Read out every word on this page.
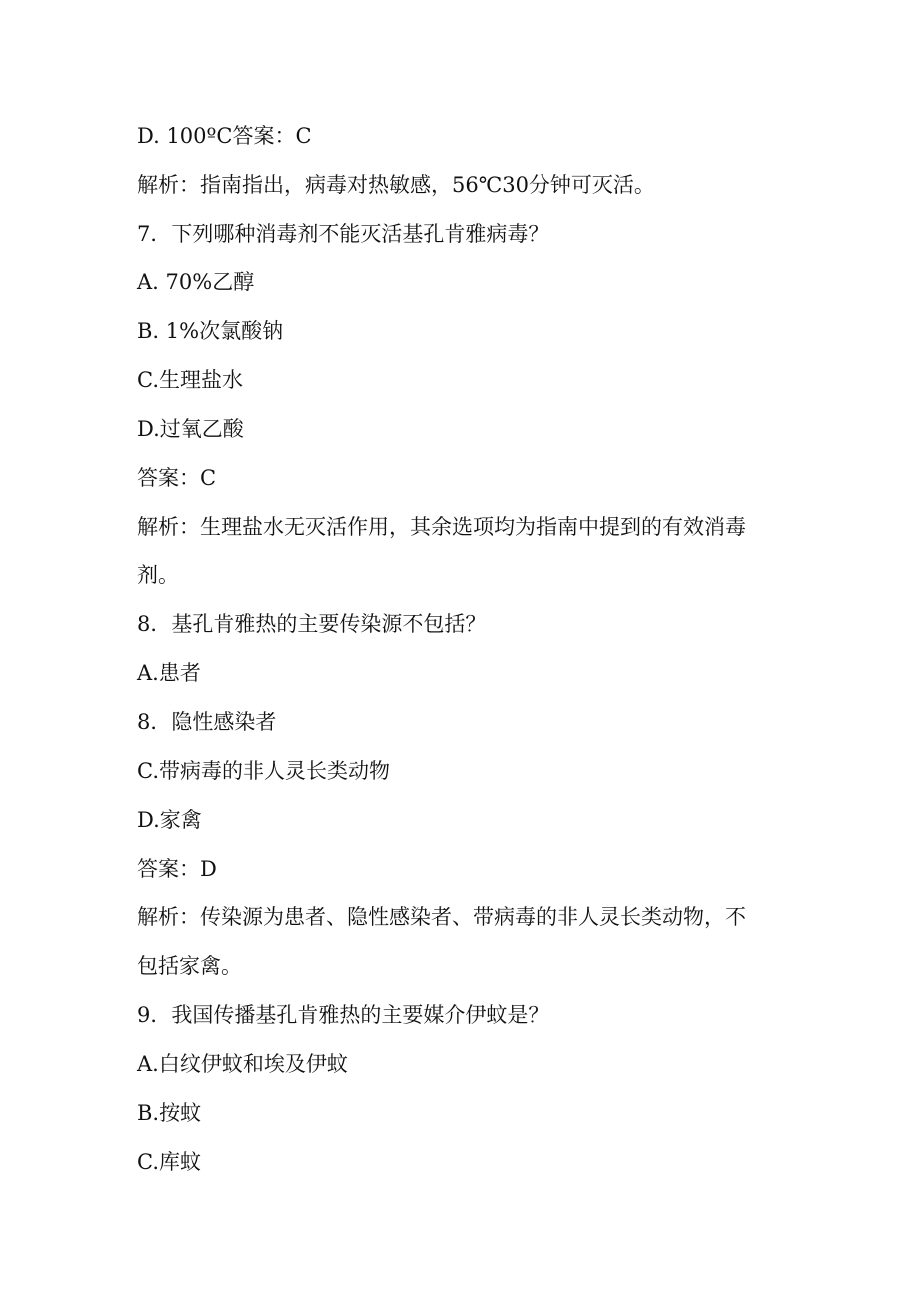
D. 100ºC答案：C
解析：指南指出，病毒对热敏感，56℃30分钟可灭活。
7．下列哪种消毒剂不能灭活基孔肯雅病毒？
A. 70%乙醇
B. 1%次氯酸钠
C.生理盐水
D.过氧乙酸
答案：C
解析：生理盐水无灭活作用，其余选项均为指南中提到的有效消毒
剂。
8．基孔肯雅热的主要传染源不包括？
A.患者
8．隐性感染者
C.带病毒的非人灵长类动物
D.家禽
答案：D
解析：传染源为患者、隐性感染者、带病毒的非人灵长类动物，不
包括家禽。
9．我国传播基孔肯雅热的主要媒介伊蚊是？
A.白纹伊蚊和埃及伊蚊
B.按蚊
C.库蚊
